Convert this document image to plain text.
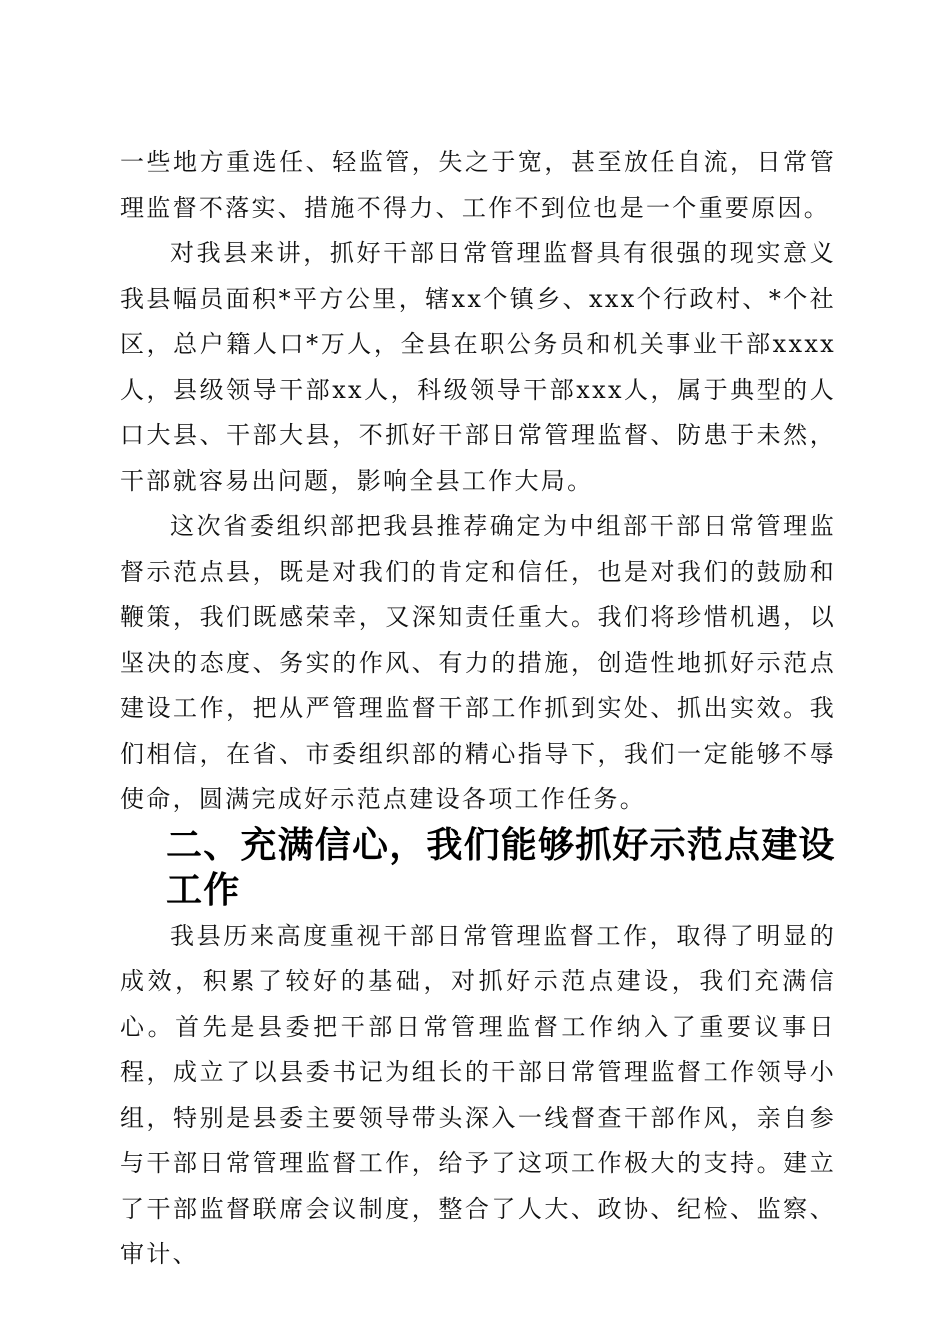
一些地方重选任、轻监管，失之于宽，甚至放任自流，日常管理监督不落实、措施不得力、工作不到位也是一个重要原因。

对我县来讲，抓好干部日常管理监督具有很强的现实意义我县幅员面积*平方公里，辖xx个镇乡、xxx个行政村、*个社区，总户籍人口*万人，全县在职公务员和机关事业干部xxxx人，县级领导干部xx人，科级领导干部xxx人，属于典型的人口大县、干部大县，不抓好干部日常管理监督、防患于未然，干部就容易出问题，影响全县工作大局。

这次省委组织部把我县推荐确定为中组部干部日常管理监督示范点县，既是对我们的肯定和信任，也是对我们的鼓励和鞭策，我们既感荣幸，又深知责任重大。我们将珍惜机遇，以坚决的态度、务实的作风、有力的措施，创造性地抓好示范点建设工作，把从严管理监督干部工作抓到实处、抓出实效。我们相信，在省、市委组织部的精心指导下，我们一定能够不辱使命，圆满完成好示范点建设各项工作任务。

二、充满信心，我们能够抓好示范点建设工作

我县历来高度重视干部日常管理监督工作，取得了明显的成效，积累了较好的基础，对抓好示范点建设，我们充满信心。首先是县委把干部日常管理监督工作纳入了重要议事日程，成立了以县委书记为组长的干部日常管理监督工作领导小组，特别是县委主要领导带头深入一线督查干部作风，亲自参与干部日常管理监督工作，给予了这项工作极大的支持。建立了干部监督联席会议制度，整合了人大、政协、纪检、监察、审计、
